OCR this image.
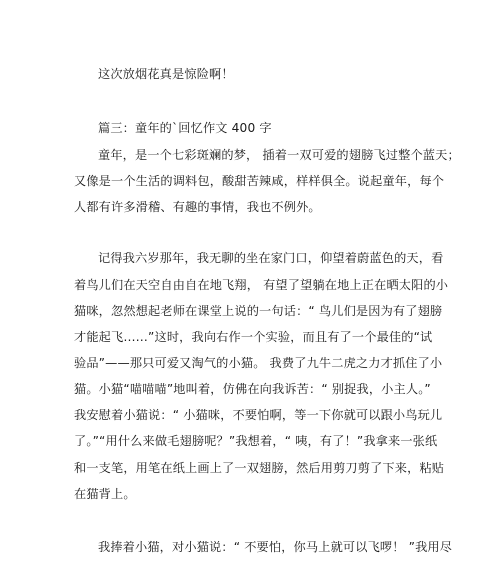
这次放烟花真是惊险啊！
篇三：童年的`回忆作文 400 字
童年，是一个七彩斑斓的梦， 插着一双可爱的翅膀飞过整个蓝天；
又像是一个生活的调料包，酸甜苦辣咸，样样俱全。说起童年，每个
人都有许多滑稽、有趣的事情，我也不例外。
记得我六岁那年，我无聊的坐在家门口，仰望着蔚蓝色的天，看
着鸟儿们在天空自由自在地飞翔， 有望了望躺在地上正在晒太阳的小
猫咪，忽然想起老师在课堂上说的一句话：“ 鸟儿们是因为有了翅膀
才能起飞……”这时，我向右作一个实验，而且有了一个最佳的“试
验品”——那只可爱又淘气的小猫。 我费了九牛二虎之力才抓住了小
猫。小猫“喵喵喵”地叫着，仿佛在向我诉苦：“ 别捉我，小主人。”
我安慰着小猫说：“ 小猫咪，不要怕啊，等一下你就可以跟小鸟玩儿
了。”“用什么来做毛翅膀呢？”我想着，“ 咦，有了！”我拿来一张纸
和一支笔，用笔在纸上画上了一双翅膀，然后用剪刀剪了下来，粘贴
在猫背上。
我捧着小猫，对小猫说：“ 不要怕，你马上就可以飞啰！ ”我用尽
